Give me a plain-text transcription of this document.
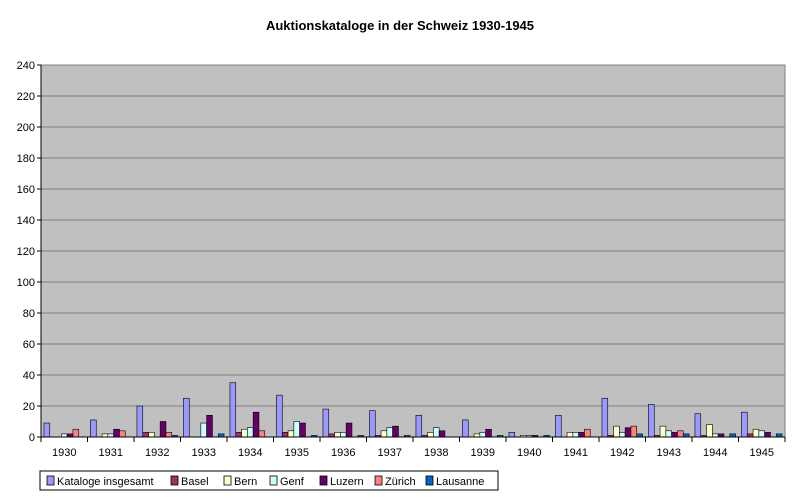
Auktionskataloge in der Schweiz 1930-1945
0
20
40
60
80
100
120
140
160
180
200
220
240
1930 1931 1932 1933 1934 1935 1936 1937 1938 1939 1940 1941 1942 1943 1944 1945
Kataloge insgesamt Basel Bern Genf Luzern Zürich Lausanne
